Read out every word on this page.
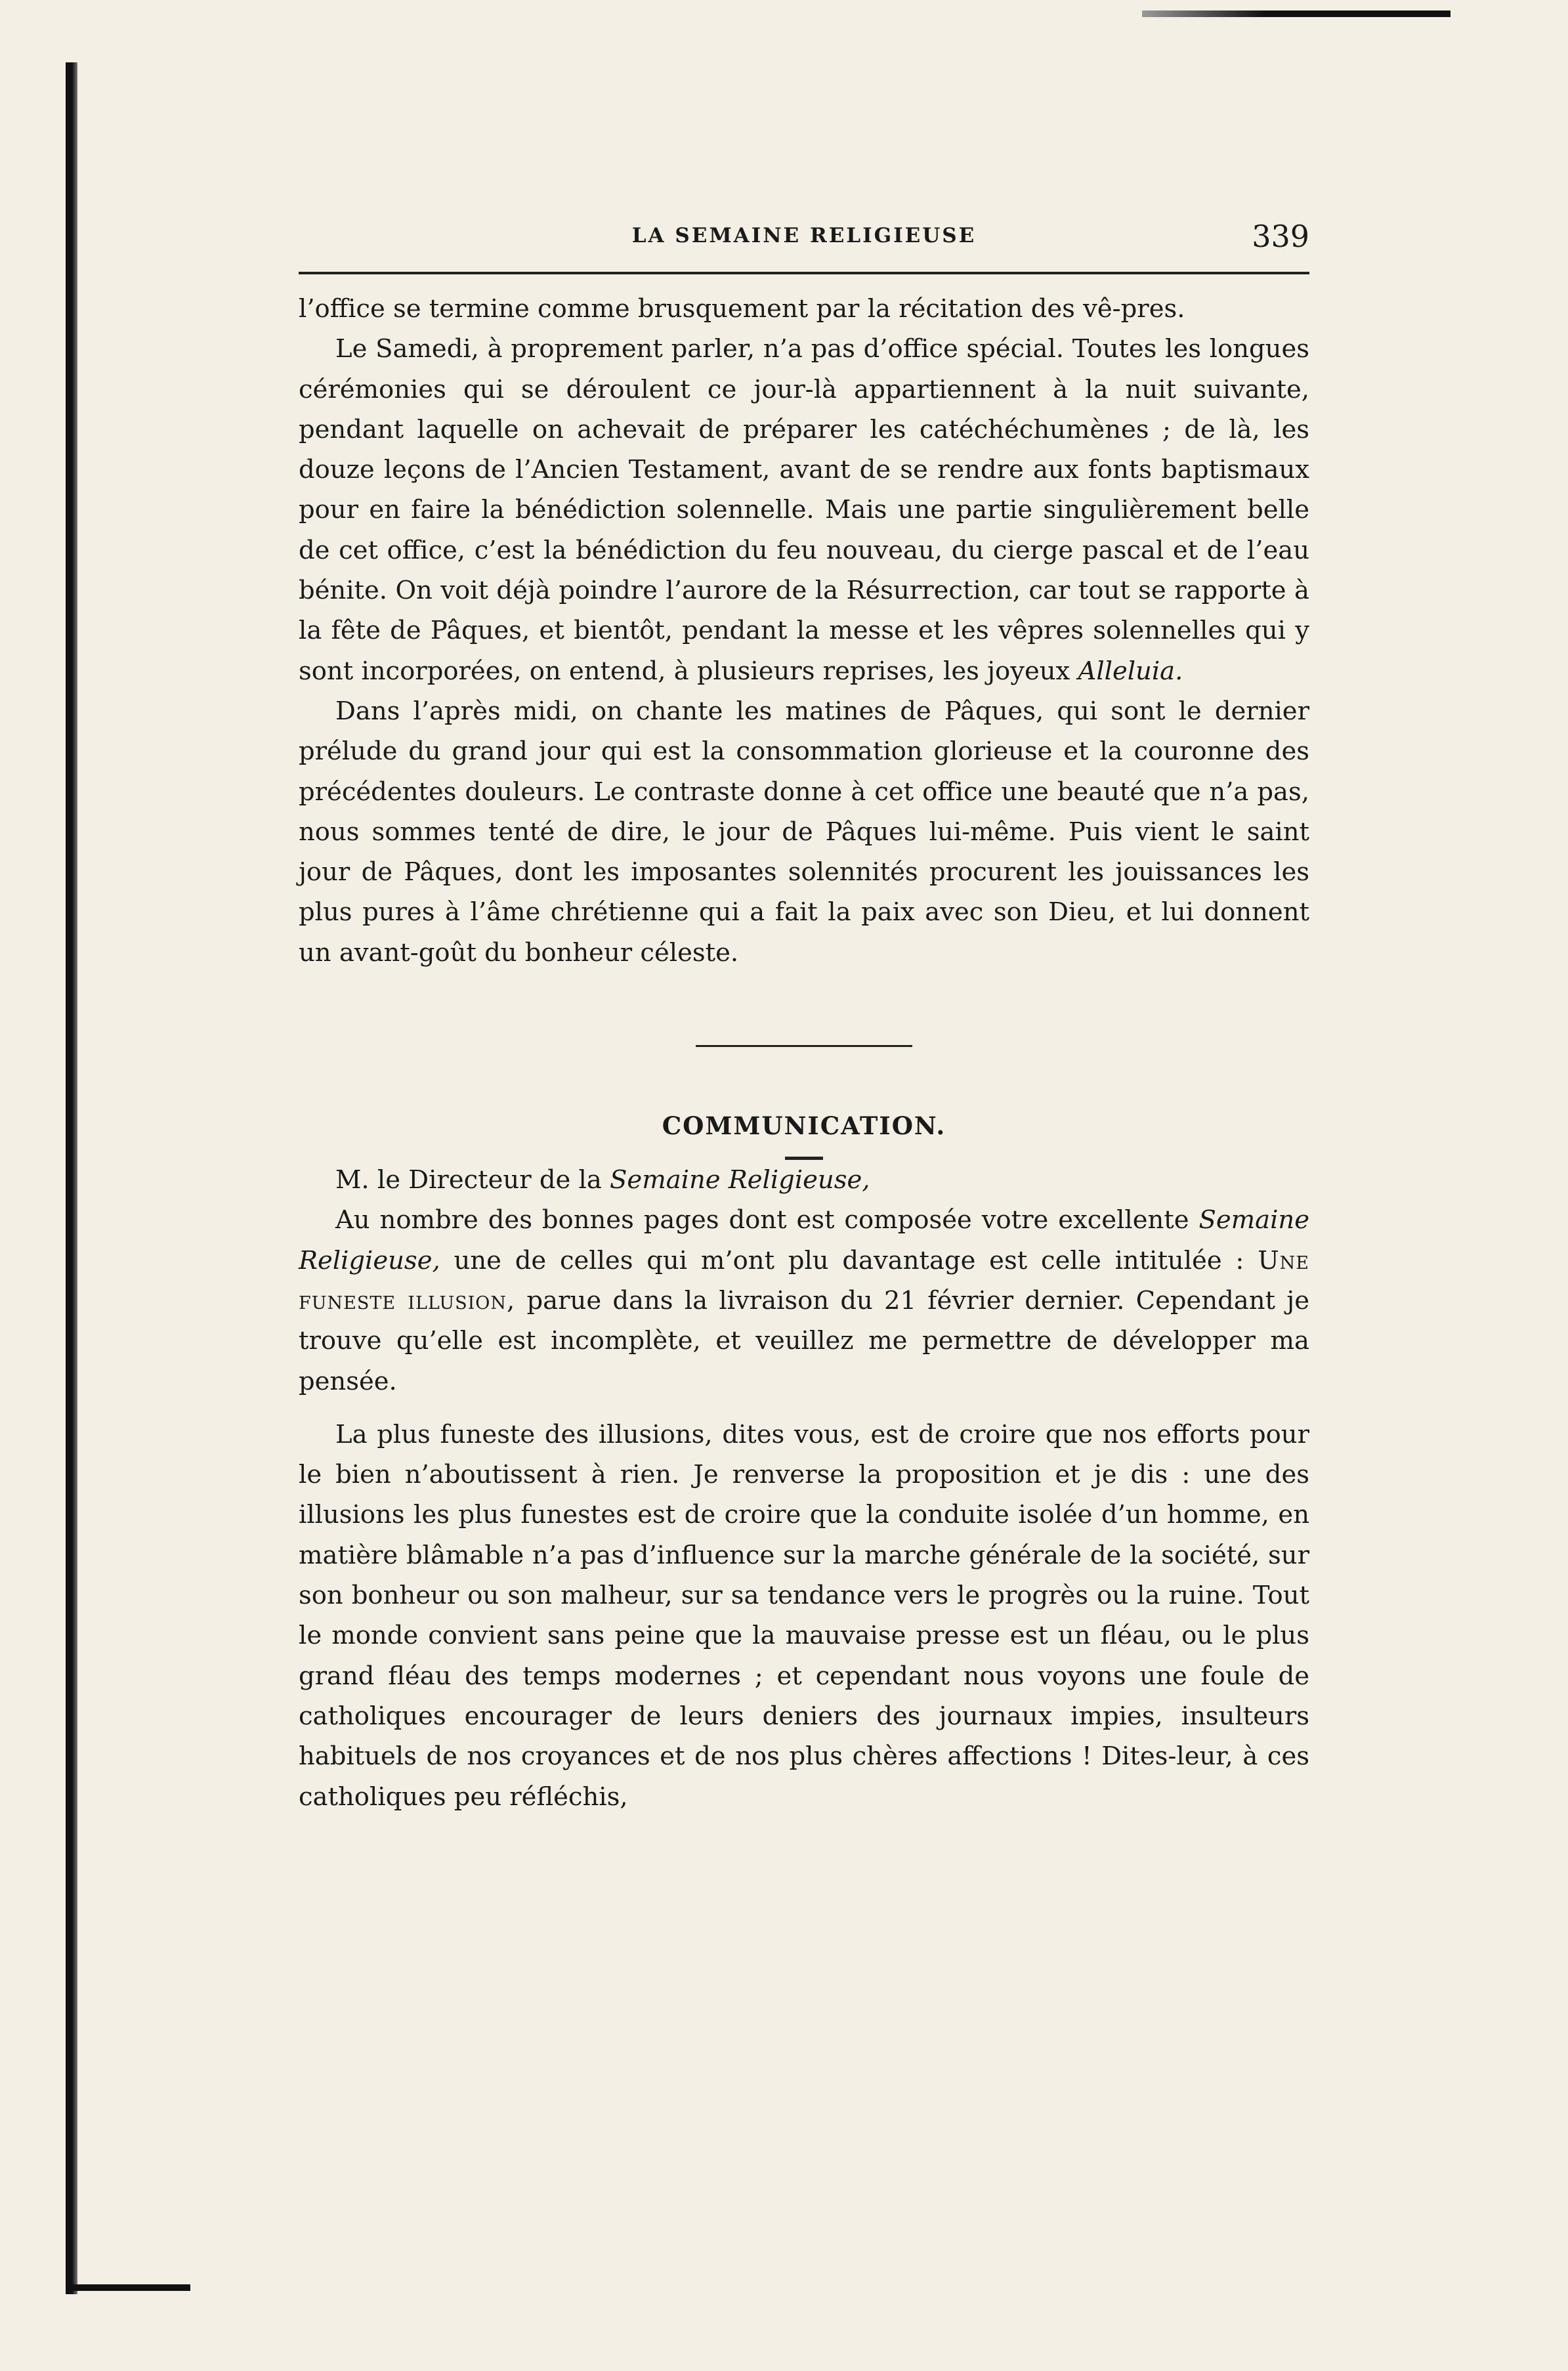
LA SEMAINE RELIGIEUSE	339

l’office se termine comme brusquement par la récitation des vê-pres.

Le Samedi, à proprement parler, n’a pas d’office spécial. Toutes les longues cérémonies qui se déroulent ce jour-là appartiennent à la nuit suivante, pendant laquelle on achevait de préparer les catéchéchumènes ; de là, les douze leçons de l’Ancien Testament, avant de se rendre aux fonts baptismaux pour en faire la bénédiction solennelle. Mais une partie singulièrement belle de cet office, c’est la bénédiction du feu nouveau, du cierge pascal et de l’eau bénite. On voit déjà poindre l’aurore de la Résurrection, car tout se rapporte à la fête de Pâques, et bientôt, pendant la messe et les vêpres solennelles qui y sont incorporées, on entend, à plusieurs reprises, les joyeux Alleluia.

Dans l’après midi, on chante les matines de Pâques, qui sont le dernier prélude du grand jour qui est la consommation glorieuse et la couronne des précédentes douleurs. Le contraste donne à cet office une beauté que n’a pas, nous sommes tenté de dire, le jour de Pâques lui-même. Puis vient le saint jour de Pâques, dont les imposantes solennités procurent les jouissances les plus pures à l’âme chrétienne qui a fait la paix avec son Dieu, et lui donnent un avant-goût du bonheur céleste.

COMMUNICATION.

M. le Directeur de la Semaine Religieuse,

Au nombre des bonnes pages dont est composée votre excellente Semaine Religieuse, une de celles qui m’ont plu davantage est celle intitulée : Une funeste illusion, parue dans la livraison du 21 février dernier. Cependant je trouve qu’elle est incomplète, et veuillez me permettre de développer ma pensée.

La plus funeste des illusions, dites vous, est de croire que nos efforts pour le bien n’aboutissent à rien. Je renverse la proposition et je dis : une des illusions les plus funestes est de croire que la conduite isolée d’un homme, en matière blâmable n’a pas d’influence sur la marche générale de la société, sur son bonheur ou son malheur, sur sa tendance vers le progrès ou la ruine. Tout le monde convient sans peine que la mauvaise presse est un fléau, ou le plus grand fléau des temps modernes ; et cependant nous voyons une foule de catholiques encourager de leurs deniers des journaux impies, insulteurs habituels de nos croyances et de nos plus chères affections ! Dites-leur, à ces catholiques peu réfléchis,
